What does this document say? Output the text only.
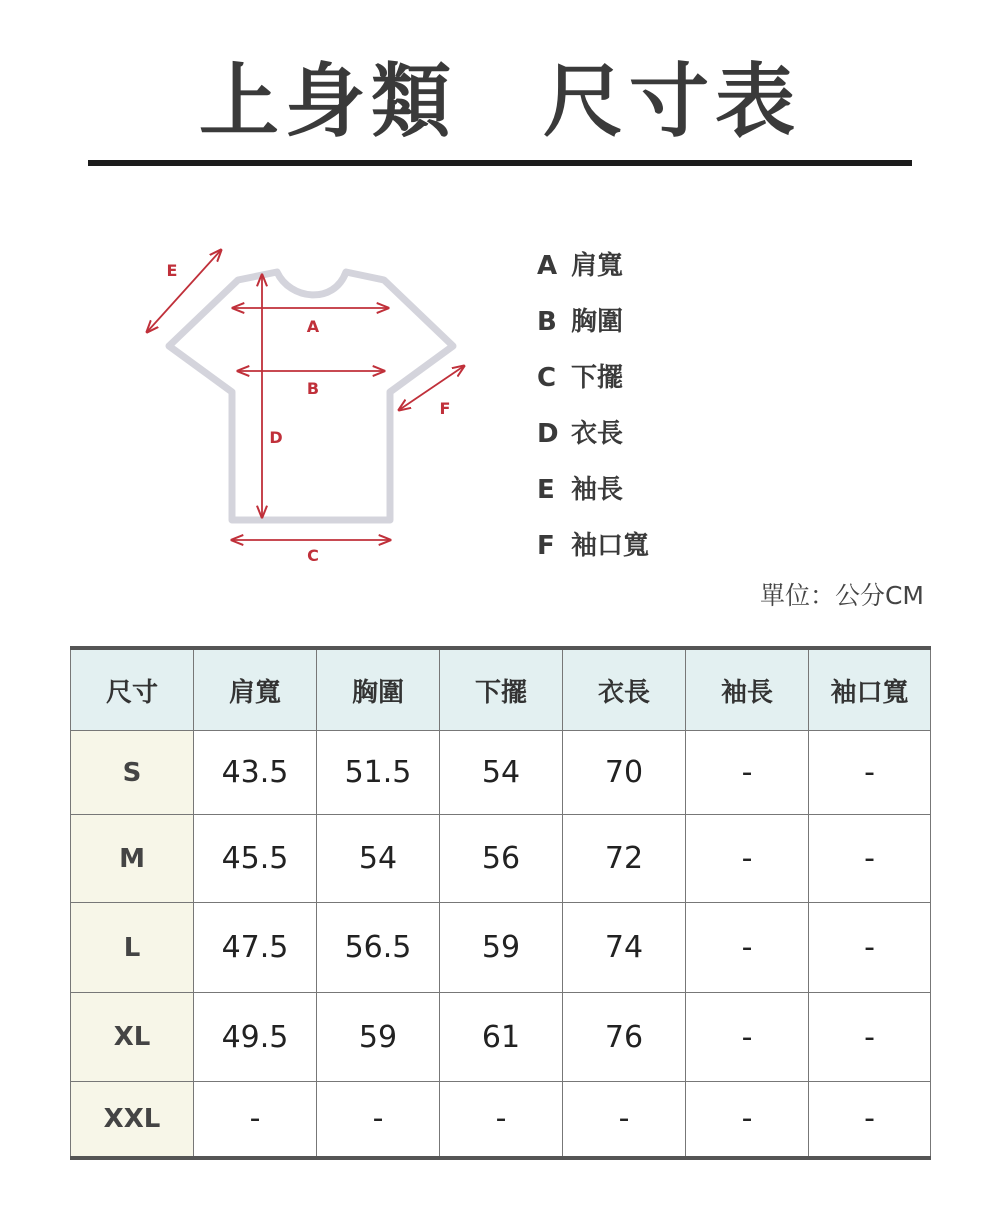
上身類　尺寸表
A
B
C
D
E
F
A 肩寬
B 胸圍
C 下擺
D 衣長
E 袖長
F 袖口寬
單位：公分CM
尺寸	肩寬	胸圍	下擺	衣長	袖長	袖口寬
S	43.5	51.5	54	70	-	-
M	45.5	54	56	72	-	-
L	47.5	56.5	59	74	-	-
XL	49.5	59	61	76	-	-
XXL	-	-	-	-	-	-
